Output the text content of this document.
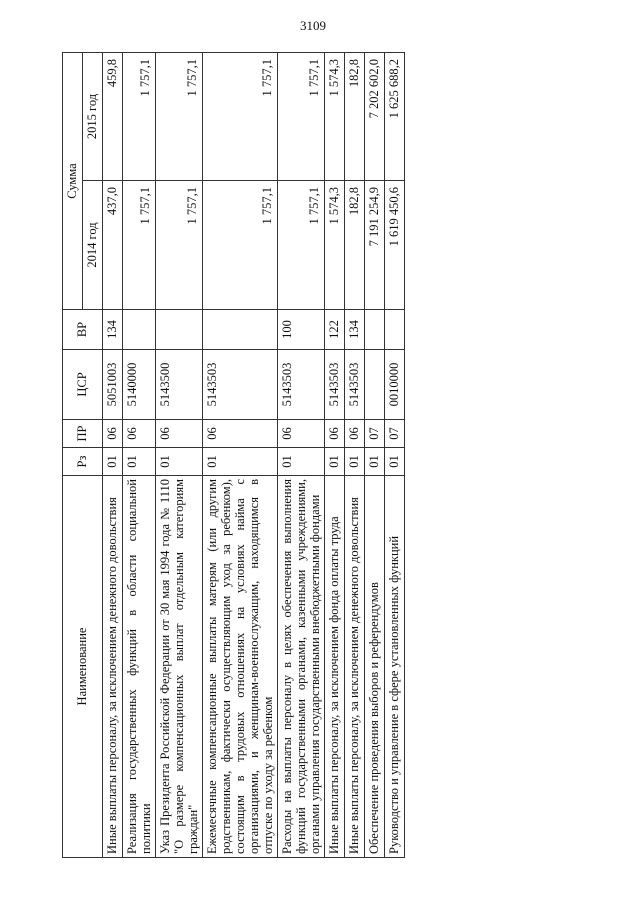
3109
Наименование	Рз	ПР	ЦСР	ВР	Сумма	
					2014 год	2015 год
Иные выплаты персоналу, за исключением денежного довольствия	01	06	5051003	134	437,0	459,8
Реализация государственных функций в области социальной политики	01	06	5140000		1 757,1	1 757,1
Указ Президента Российской Федерации от 30 мая 1994 года № 1110 "О размере компенсационных выплат отдельным категориям граждан"	01	06	5143500		1 757,1	1 757,1
Ежемесячные компенсационные выплаты матерям (или другим родственникам, фактически осуществляющим уход за ребенком), состоящим в трудовых отношениях на условиях найма с организациями, и женщинам-военнослужащим, находящимся в отпуске по уходу за ребенком	01	06	5143503		1 757,1	1 757,1
Расходы на выплаты персоналу в целях обеспечения выполнения функций государственными органами, казенными учреждениями, органами управления государственными внебюджетными фондами	01	06	5143503	100	1 757,1	1 757,1
Иные выплаты персоналу, за исключением фонда оплаты труда	01	06	5143503	122	1 574,3	1 574,3
Иные выплаты персоналу, за исключением денежного довольствия	01	06	5143503	134	182,8	182,8
Обеспечение проведения выборов и референдумов	01	07			7 191 254,9	7 202 602,0
Руководство и управление в сфере установленных функций	01	07	0010000		1 619 450,6	1 625 688,2
